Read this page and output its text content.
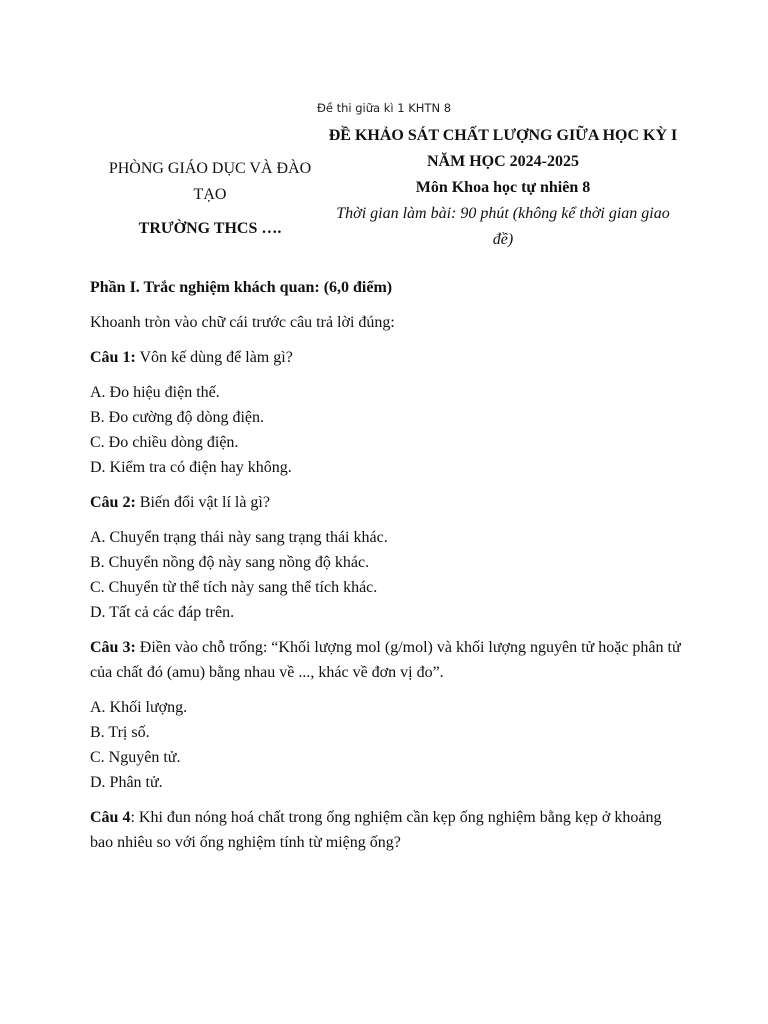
Đề thi giữa kì 1 KHTN 8
PHÒNG GIÁO DỤC VÀ ĐÀO TẠO
TRƯỜNG THCS ….
ĐỀ KHẢO SÁT CHẤT LƯỢNG GIỮA HỌC KỲ I
NĂM HỌC 2024-2025
Môn Khoa học tự nhiên 8
Thời gian làm bài: 90 phút (không kể thời gian giao đề)

Phần I. Trắc nghiệm khách quan: (6,0 điểm)

Khoanh tròn vào chữ cái trước câu trả lời đúng:

Câu 1: Vôn kế dùng để làm gì?

A. Đo hiệu điện thế.

B. Đo cường độ dòng điện.

C. Đo chiều dòng điện.

D. Kiểm tra có điện hay không.

Câu 2: Biến đổi vật lí là gì?

A. Chuyển trạng thái này sang trạng thái khác.

B. Chuyển nồng độ này sang nồng độ khác.

C. Chuyển từ thể tích này sang thể tích khác.

D. Tất cả các đáp trên.

Câu 3: Điền vào chỗ trống: “Khối lượng mol (g/mol) và khối lượng nguyên tử hoặc phân tử của chất đó (amu) bằng nhau về ..., khác về đơn vị đo”.

A. Khối lượng.

B. Trị số.

C. Nguyên tử.

D. Phân tử.

Câu 4: Khi đun nóng hoá chất trong ống nghiệm cần kẹp ống nghiệm bằng kẹp ở khoảng bao nhiêu so với ống nghiệm tính từ miệng ống?
